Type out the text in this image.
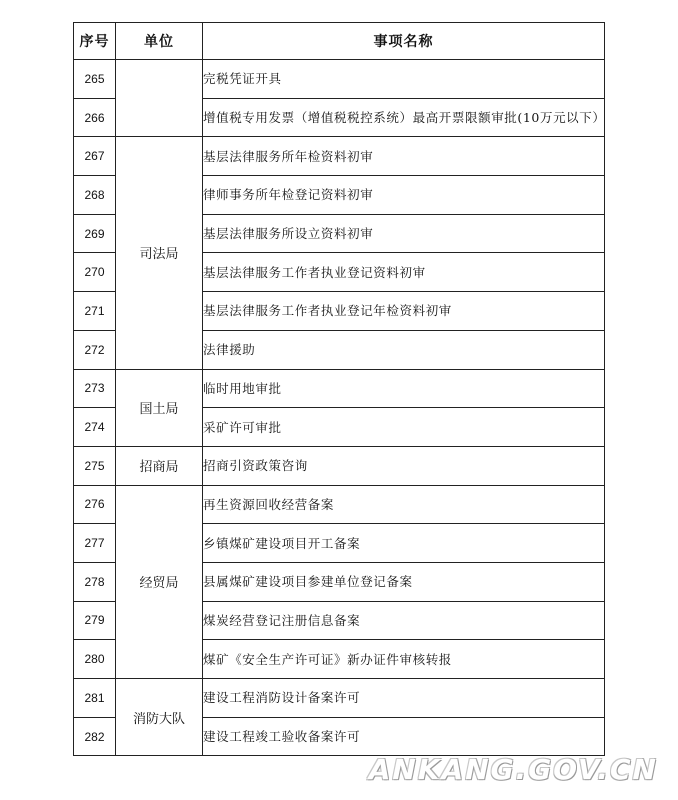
序号	单位	事项名称
265		完税凭证开具
266		增值税专用发票（增值税税控系统）最高开票限额审批(10万元以下）
267	司法局	基层法律服务所年检资料初审
268		律师事务所年检登记资料初审
269		基层法律服务所设立资料初审
270		基层法律服务工作者执业登记资料初审
271		基层法律服务工作者执业登记年检资料初审
272		法律援助
273	国土局	临时用地审批
274		采矿许可审批
275	招商局	招商引资政策咨询
276	经贸局	再生资源回收经营备案
277		乡镇煤矿建设项目开工备案
278		县属煤矿建设项目参建单位登记备案
279		煤炭经营登记注册信息备案
280		煤矿《安全生产许可证》新办证件审核转报
281	消防大队	建设工程消防设计备案许可
282		建设工程竣工验收备案许可
ANKANG.GOV.CN
